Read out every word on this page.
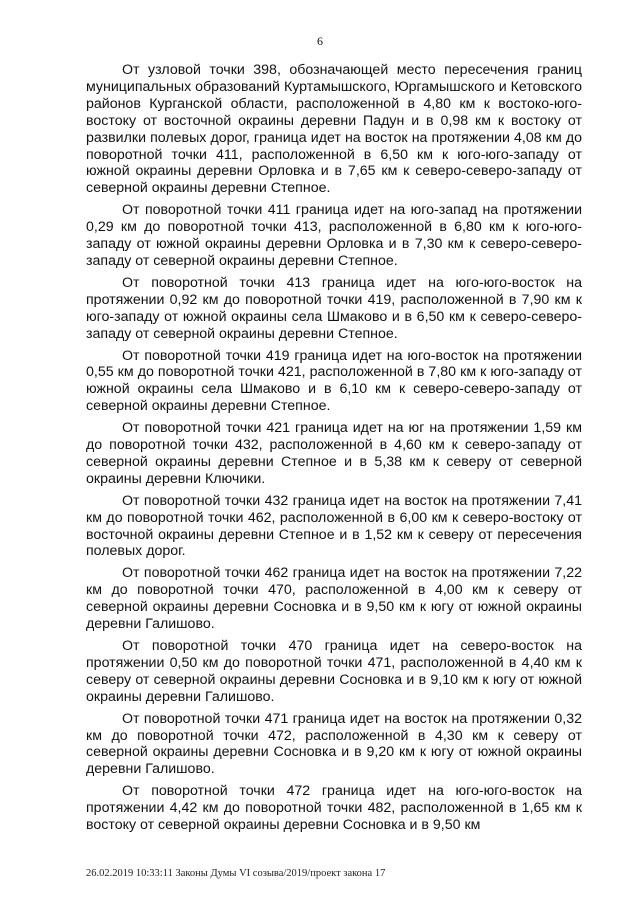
6

От узловой точки 398, обозначающей место пересечения границ муниципальных образований Куртамышского, Юргамышского и Кетовского районов Курганской области, расположенной в 4,80 км к востоко-юго-востоку от восточной окраины деревни Падун и в 0,98 км к востоку от развилки полевых дорог, граница идет на восток на протяжении 4,08 км до поворотной точки 411, расположенной в 6,50 км к юго-юго-западу от южной окраины деревни Орловка и в 7,65 км к северо-северо-западу от северной окраины деревни Степное.

От поворотной точки 411 граница идет на юго-запад на протяжении 0,29 км до поворотной точки 413, расположенной в 6,80 км к юго-юго-западу от южной окраины деревни Орловка и в 7,30 км к северо-северо-западу от северной окраины деревни Степное.

От поворотной точки 413 граница идет на юго-юго-восток на протяжении 0,92 км до поворотной точки 419, расположенной в 7,90 км к юго-западу от южной окраины села Шмаково и в 6,50 км к северо-северо-западу от северной окраины деревни Степное.

От поворотной точки 419 граница идет на юго-восток на протяжении 0,55 км до поворотной точки 421, расположенной в 7,80 км к юго-западу от южной окраины села Шмаково и в 6,10 км к северо-северо-западу от северной окраины деревни Степное.

От поворотной точки 421 граница идет на юг на протяжении 1,59 км до поворотной точки 432, расположенной в 4,60 км к северо-западу от северной окраины деревни Степное и в 5,38 км к северу от северной окраины деревни Ключики.

От поворотной точки 432 граница идет на восток на протяжении 7,41 км до поворотной точки 462, расположенной в 6,00 км к северо-востоку от восточной окраины деревни Степное и в 1,52 км к северу от пересечения полевых дорог.

От поворотной точки 462 граница идет на восток на протяжении 7,22 км до поворотной точки 470, расположенной в 4,00 км к северу от северной окраины деревни Сосновка и в 9,50 км к югу от южной окраины деревни Галишово.

От поворотной точки 470 граница идет на северо-восток на протяжении 0,50 км до поворотной точки 471, расположенной в 4,40 км к северу от северной окраины деревни Сосновка и в 9,10 км к югу от южной окраины деревни Галишово.

От поворотной точки 471 граница идет на восток на протяжении 0,32 км до поворотной точки 472, расположенной в 4,30 км к северу от северной окраины деревни Сосновка и в 9,20 км к югу от южной окраины деревни Галишово.

От поворотной точки 472 граница идет на юго-юго-восток на протяжении 4,42 км до поворотной точки 482, расположенной в 1,65 км к востоку от северной окраины деревни Сосновка и в 9,50 км

26.02.2019 10:33:11 Законы Думы VI созыва/2019/проект закона 17
